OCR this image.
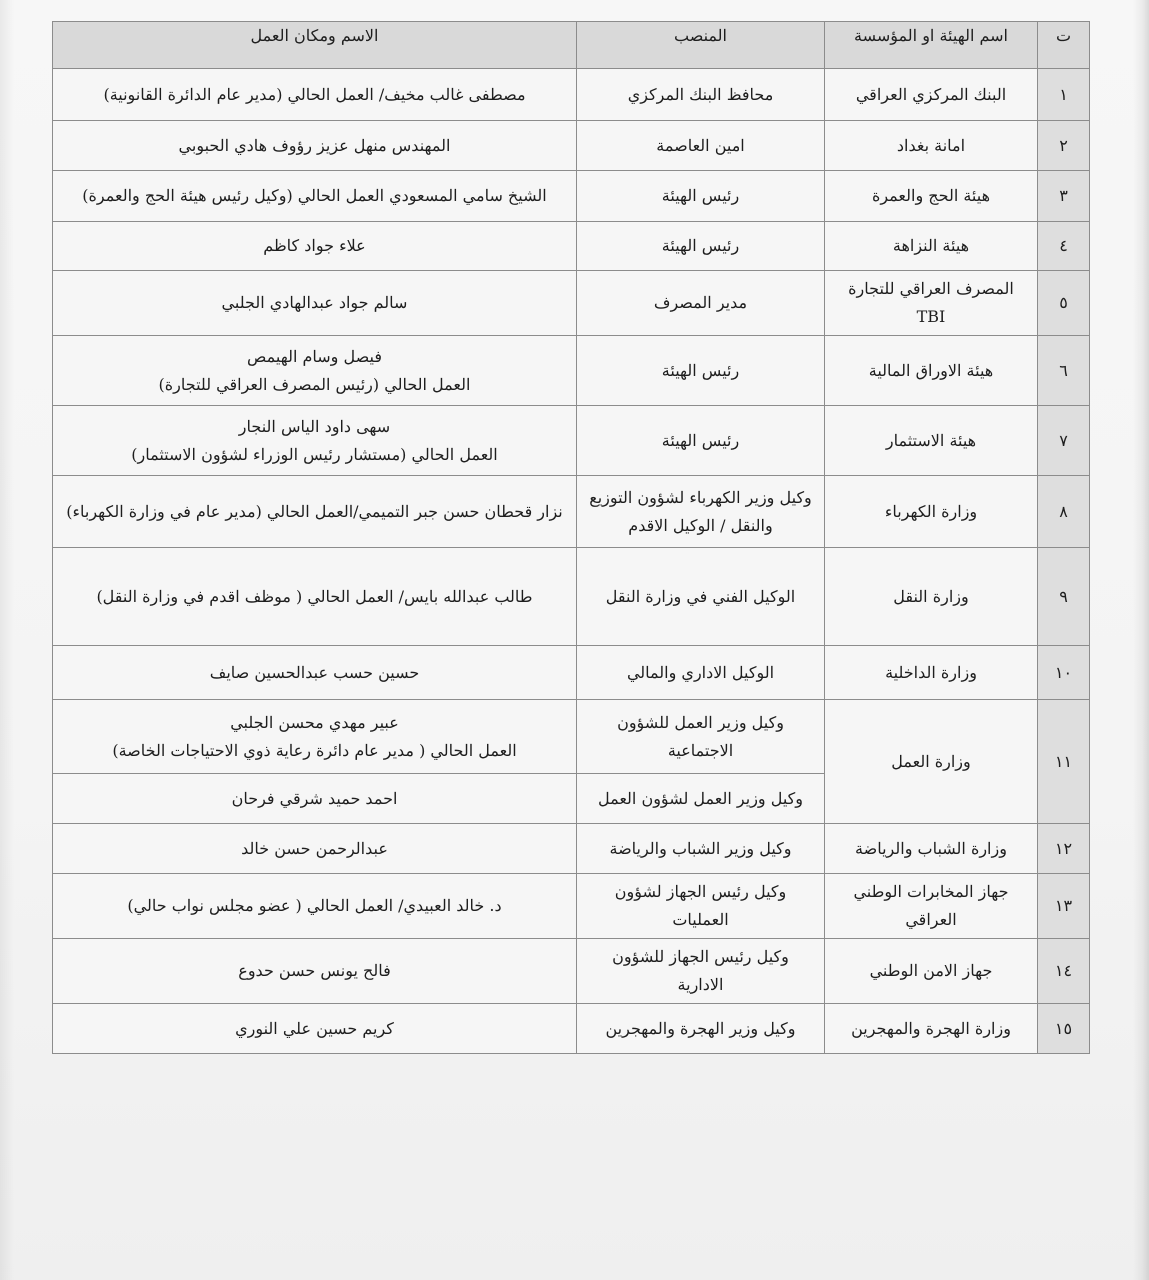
ت	اسم الهيئة او المؤسسة	المنصب	الاسم ومكان العمل
١	البنك المركزي العراقي	محافظ البنك المركزي	مصطفى غالب مخيف/ العمل الحالي (مدير عام الدائرة القانونية)
٢	امانة بغداد	امين العاصمة	المهندس منهل عزيز رؤوف هادي الحبوبي
٣	هيئة الحج والعمرة	رئيس الهيئة	الشيخ سامي المسعودي العمل الحالي (وكيل رئيس هيئة الحج والعمرة)
٤	هيئة النزاهة	رئيس الهيئة	علاء جواد كاظم
٥	المصرف العراقي للتجارة TBI	مدير المصرف	سالم جواد عبدالهادي الجلبي
٦	هيئة الاوراق المالية	رئيس الهيئة	فيصل وسام الهيمص
العمل الحالي (رئيس المصرف العراقي للتجارة)

٧	هيئة الاستثمار	رئيس الهيئة	سهى داود الياس النجار
العمل الحالي (مستشار رئيس الوزراء لشؤون الاستثمار)

٨	وزارة الكهرباء	وكيل وزير الكهرباء لشؤون التوزيع
والنقل / الوكيل الاقدم	نزار قحطان حسن جبر التميمي/العمل الحالي (مدير عام في وزارة الكهرباء)
٩	وزارة النقل	الوكيل الفني في وزارة النقل	طالب عبدالله بايس/ العمل الحالي ( موظف اقدم في وزارة النقل)
١٠	وزارة الداخلية	الوكيل الاداري والمالي	حسين حسب عبدالحسين صايف
١١	وزارة العمل	وكيل وزير العمل للشؤون
الاجتماعية	عبير مهدي محسن الجلبي
العمل الحالي ( مدير عام دائرة رعاية ذوي الاحتياجات الخاصة)

		وكيل وزير العمل لشؤون العمل	احمد حميد شرقي فرحان
١٢	وزارة الشباب والرياضة	وكيل وزير الشباب والرياضة	عبدالرحمن حسن خالد
١٣	جهاز المخابرات الوطني العراقي	وكيل رئيس الجهاز لشؤون العمليات	د. خالد العبيدي/ العمل الحالي ( عضو مجلس نواب حالي)
١٤	جهاز الامن الوطني	وكيل رئيس الجهاز للشؤون الادارية	فالح يونس حسن حدوع
١٥	وزارة الهجرة والمهجرين	وكيل وزير الهجرة والمهجرين	كريم حسين علي النوري
